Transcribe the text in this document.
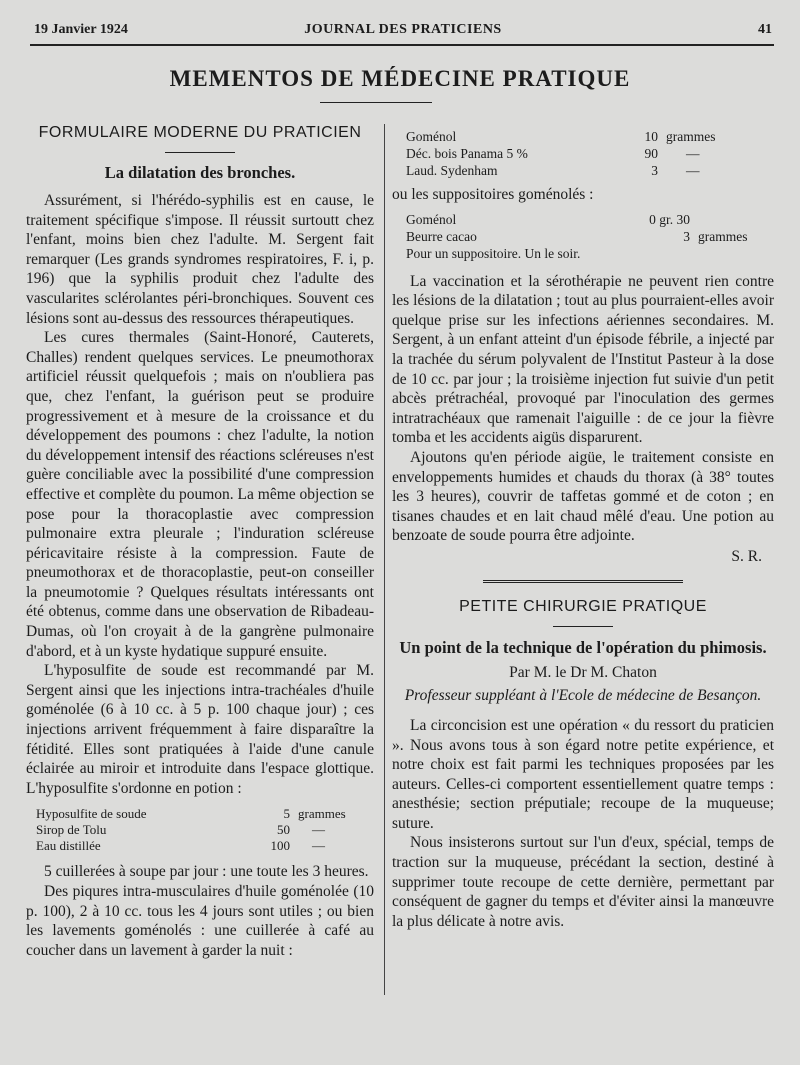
19 Janvier 1924	JOURNAL DES PRATICIENS	41
MEMENTOS DE MÉDECINE PRATIQUE
FORMULAIRE MODERNE DU PRATICIEN
La dilatation des bronches.

Assurément, si l'hérédo-syphilis est en cause, le traitement spécifique s'impose. Il réussit surtoutt chez l'enfant, moins bien chez l'adulte. M. Sergent fait remarquer (Les grands syndromes respiratoires, F. i, p. 196) que la syphilis produit chez l'adulte des vascularites sclérolantes péri-bronchiques. Souvent ces lésions sont au-dessus des ressources thérapeutiques.

Les cures thermales (Saint-Honoré, Cauterets, Challes) rendent quelques services. Le pneumothorax artificiel réussit quelquefois ; mais on n'oubliera pas que, chez l'enfant, la guérison peut se produire progressivement et à mesure de la croissance et du développement des poumons : chez l'adulte, la notion du développement intensif des réactions scléreuses n'est guère conciliable avec la possibilité d'une compression effective et complète du poumon. La même objection se pose pour la thoracoplastie avec compression pulmonaire extra pleurale ; l'induration scléreuse péricavitaire résiste à la compression. Faute de pneumothorax et de thoracoplastie, peut-on conseiller la pneumotomie ? Quelques résultats intéressants ont été obtenus, comme dans une observation de Ribadeau-Dumas, où l'on croyait à de la gangrène pulmonaire d'abord, et à un kyste hydatique suppuré ensuite.

L'hyposulfite de soude est recommandé par M. Sergent ainsi que les injections intra-trachéales d'huile goménolée (6 à 10 cc. à 5 p. 100 chaque jour) ; ces injections arrivent fréquemment à faire disparaître la fétidité. Elles sont pratiquées à l'aide d'une canule éclairée au miroir et introduite dans l'espace glottique. L'hyposulfite s'ordonne en potion :

Hyposulfite de soude	5	grammes
Sirop de Tolu	50	—
Eau distillée	100	—

5 cuillerées à soupe par jour : une toute les 3 heures.

Des piqures intra-musculaires d'huile goménolée (10 p. 100), 2 à 10 cc. tous les 4 jours sont utiles ; ou bien les lavements goménolés : une cuillerée à café au coucher dans un lavement à garder la nuit :

Goménol	10	grammes
Déc. bois Panama 5 %	90	—
Laud. Sydenham	3	—

ou les suppositoires goménolés :

Goménol	0 gr. 30	
Beurre cacao	3	grammes
Pour un suppositoire. Un le soir.

La vaccination et la sérothérapie ne peuvent rien contre les lésions de la dilatation ; tout au plus pourraient-elles avoir quelque prise sur les infections aériennes secondaires. M. Sergent, à un enfant atteint d'un épisode fébrile, a injecté par la trachée du sérum polyvalent de l'Institut Pasteur à la dose de 10 cc. par jour ; la troisième injection fut suivie d'un petit abcès prétrachéal, provoqué par l'inoculation des germes intratrachéaux que ramenait l'aiguille : de ce jour la fièvre tomba et les accidents aigüs disparurent.

Ajoutons qu'en période aigüe, le traitement consiste en enveloppements humides et chauds du thorax (à 38° toutes les 3 heures), couvrir de taffetas gommé et de coton ; en tisanes chaudes et en lait chaud mêlé d'eau. Une potion au benzoate de soude pourra être adjointe.

S. R.
PETITE CHIRURGIE PRATIQUE
Un point de la technique de l'opération du phimosis.
Par M. le Dr M. Chaton
Professeur suppléant à l'Ecole de médecine de Besançon.

La circoncision est une opération « du ressort du praticien ». Nous avons tous à son égard notre petite expérience, et notre choix est fait parmi les techniques proposées par les auteurs. Celles-ci comportent essentiellement quatre temps : anesthésie; section préputiale; recoupe de la muqueuse; suture.

Nous insisterons surtout sur l'un d'eux, spécial, temps de traction sur la muqueuse, précédant la section, destiné à supprimer toute recoupe de cette dernière, permettant par conséquent de gagner du temps et d'éviter ainsi la manœuvre la plus délicate à notre avis.
